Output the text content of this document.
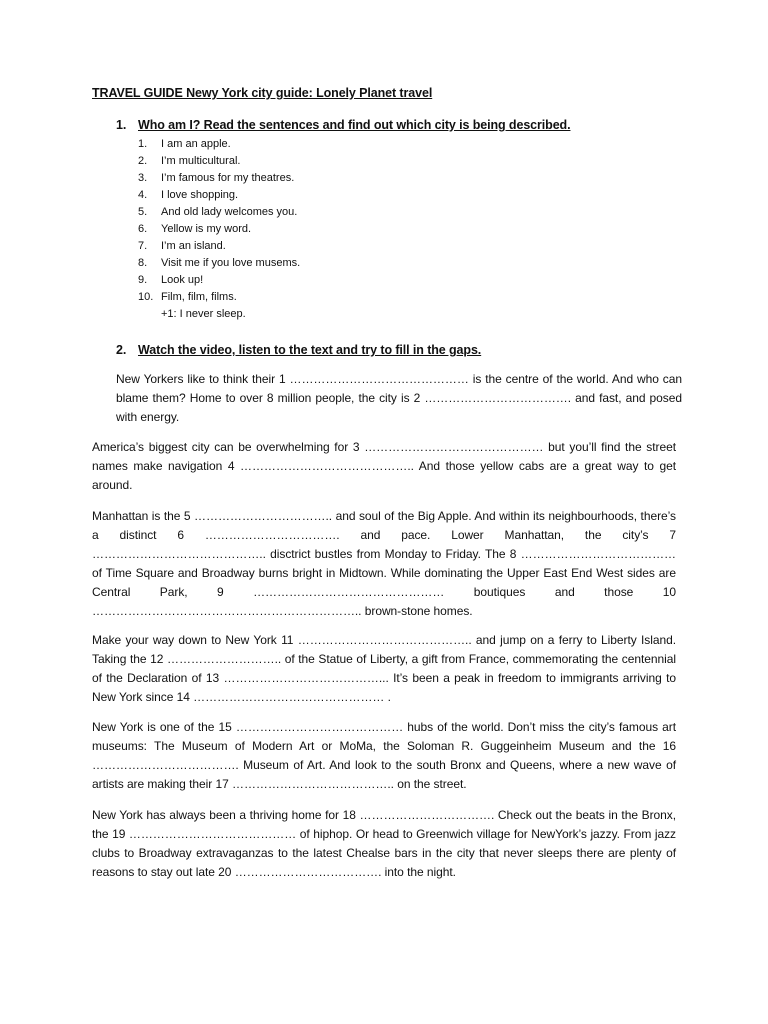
TRAVEL GUIDE Newy York city guide: Lonely Planet travel
1. Who am I? Read the sentences and find out which city is being described.
1. I am an apple.
2. I’m multicultural.
3. I’m famous for my theatres.
4. I love shopping.
5. And old lady welcomes you.
6. Yellow is my word.
7. I’m an island.
8. Visit me if you love musems.
9. Look up!
10. Film, film, films.
+1: I never sleep.
2. Watch the video, listen to the text and try to fill in the gaps.

New Yorkers like to think their 1 ……………………………………… is the centre of the world. And who can blame them? Home to over 8 million people, the city is 2 ………………………………. and fast, and posed with energy.

America’s biggest city can be overwhelming for 3 ……………………………………… but you’ll find the street names make navigation 4 …………………………………….. And those yellow cabs are a great way to get around.

Manhattan is the 5 …………………………….. and soul of the Big Apple. And within its neighbourhoods, there’s a distinct 6 ……………………………. and pace. Lower Manhattan, the city’s 7 …………………………………….. disctrict bustles from Monday to Friday. The 8 ………………………………… of Time Square and Broadway burns bright in Midtown. While dominating the Upper East End West sides are Central Park, 9 ………………………………………… boutiques and those 10 ………………………………………………………….. brown-stone homes.

Make your way down to New York 11 …………………………………….. and jump on a ferry to Liberty Island. Taking the 12 ……………………….. of the Statue of Liberty, a gift from France, commemorating the centennial of the Declaration of 13 …………………………………... It’s been a peak in freedom to immigrants arriving to New York since 14 ………………………………………… .

New York is one of the 15 …………………………………… hubs of the world. Don’t miss the city’s famous art museums: The Museum of Modern Art or MoMa, the Soloman R. Guggeinheim Museum and the 16 ………………………………. Museum of Art. And look to the south Bronx and Queens, where a new wave of artists are making their 17 ………………………………….. on the street.

New York has always been a thriving home for 18 ……………………………. Check out the beats in the Bronx, the 19 …………………………………… of hiphop. Or head to Greenwich village for NewYork’s jazzy. From jazz clubs to Broadway extravaganzas to the latest Chealse bars in the city that never sleeps there are plenty of reasons to stay out late 20 ………………………………. into the night.
